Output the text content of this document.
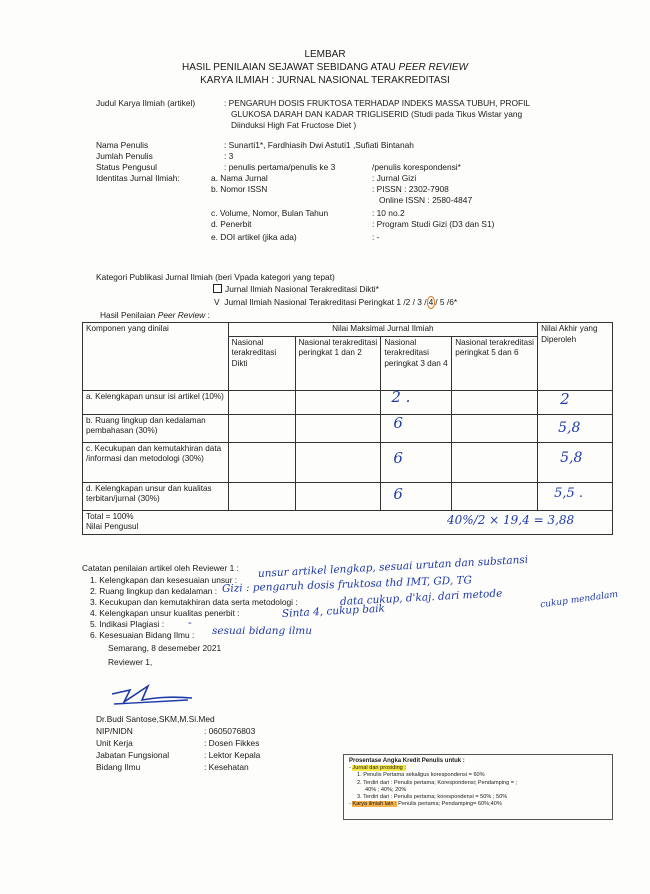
LEMBAR
HASIL PENILAIAN SEJAWAT SEBIDANG ATAU PEER REVIEW
KARYA ILMIAH : JURNAL NASIONAL TERAKREDITASI
Judul Karya Ilmiah (artikel)	: PENGARUH DOSIS FRUKTOSA TERHADAP INDEKS MASSA TUBUH, PROFIL
GLUKOSA DARAH DAN KADAR TRIGLISERID (Studi pada Tikus Wistar yang
Diinduksi High Fat Fructose Diet )
Nama Penulis	: Sunarti1*, Fardhiasih Dwi Astuti1 ,Sufiati Bintanah
Jumlah Penulis	: 3
Status Pengusul	: penulis pertama/penulis ke 3	/penulis korespondensi*
Identitas Jurnal Ilmiah:	a. Nama Jurnal	: Jurnal Gizi
b. Nomor ISSN	: PISSN : 2302-7908
Online ISSN : 2580-4847
c. Volume, Nomor, Bulan Tahun	: 10 no.2
d. Penerbit	: Program Studi Gizi (D3 dan S1)
e. DOI artikel (jika ada)	: -
Kategori Publikasi Jurnal Ilmiah (beri Vpada kategori yang tepat)
Jurnal Ilmiah Nasional Terakreditasi Dikti*
V Jurnal Ilmiah Nasional Terakreditasi Peringkat 1 /2 / 3 / 4 / 5 /6*
Hasil Penilaian Peer Review :
Komponen yang dinilai	Nilai Maksimal Jurnal Ilmiah				Nilai Akhir yang Diperoleh
	Nasional terakreditasi Dikti	Nasional terakreditasi peringkat 1 dan 2	Nasional terakreditasi peringkat 3 dan 4	Nasional terakreditasi peringkat 5 dan 6	
a. Kelengkapan unsur isi artikel (10%)			2 .		2

b. Ruang lingkup dan kedalaman pembahasan (30%)			6		5,8

c. Kecukupan dan kemutakhiran data /informasi dan metodologi (30%)			6		5,8

d. Kelengkapan unsur dan kualitas terbitan/jurnal (30%)			6		5,5 .

Total = 100%
Nilai Pengusul 40%/2 × 19,4 = 3,88					
Catatan penilaian artikel oleh Reviewer 1 :
1. Kelengkapan dan kesesuaian unsur :
unsur artikel lengkap, sesuai urutan dan substansi
2. Ruang lingkup dan kedalaman : Gizi : pengaruh dosis fruktosa thd IMT, GD, TG
cukup mendalam
3. Kecukupan dan kemutakhiran data serta metodologi :	data cukup, d'kaj. dari metode
4. Kelengkapan unsur kualitas penerbit :	Sinta 4, cukup baik
5. Indikasi Plagiasi : -
6. Kesesuaian Bidang Ilmu : sesuai bidang ilmu
Semarang, 8 desemeber 2021
Reviewer 1,
Dr.Budi Santose,SKM,M.Si.Med
NIP/NIDN	: 0605076803
Unit Kerja	: Dosen Fikkes
Jabatan Fungsional	: Lektor Kepala
Bidang Ilmu	: Kesehatan
Prosentase Angka Kredit Penulis untuk :
- Jurnal dan prosiding :
1. Penulis Pertama sekaligus korespondensi = 60%
2. Terdiri dari : Penulis pertama; Korespondensi; Pendamping = ;
40% ; 40%; 20%
3. Terdiri dari : Penulis pertama; korespondensi = 50% ; 50%
- Karya ilmiah lain : Penulis pertama; Pendamping= 60%;40%
